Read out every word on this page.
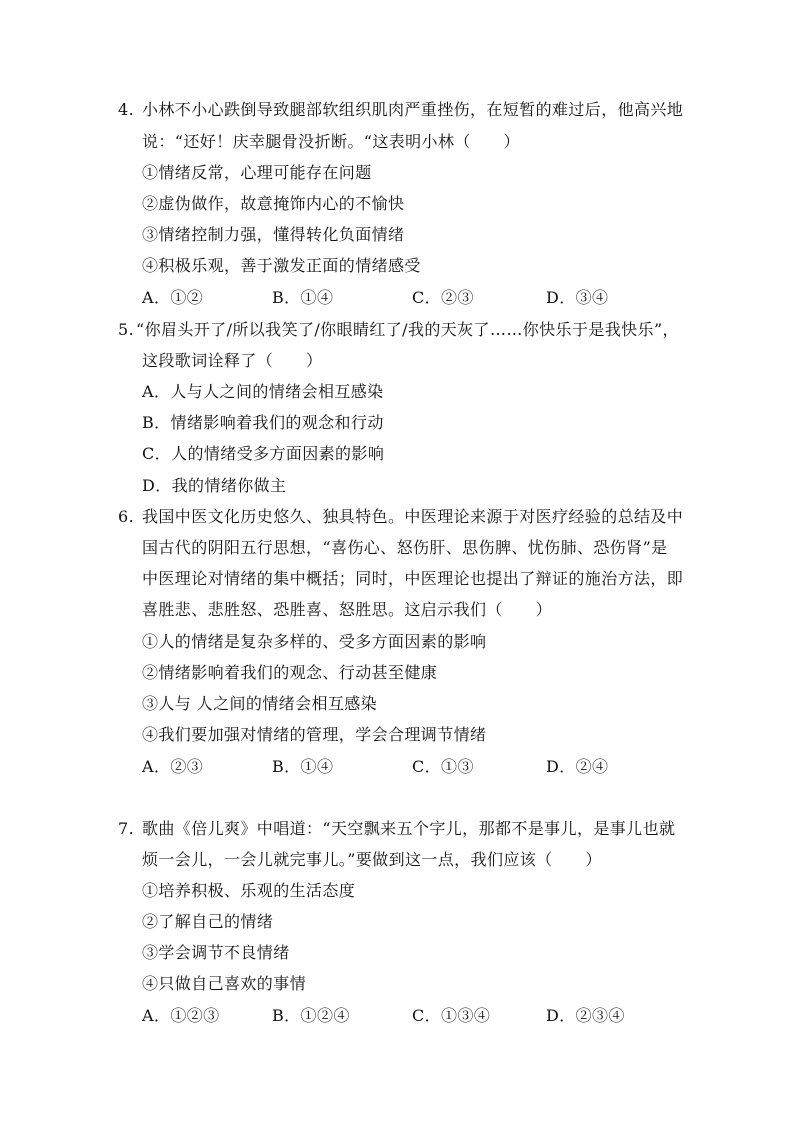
4. 小林不小心跌倒导致腿部软组织肌肉严重挫伤，在短暂的难过后，他高兴地
说：“还好！庆幸腿骨没折断。“这表明小林（　　）
①情绪反常，心理可能存在问题
②虚伪做作，故意掩饰内心的不愉快
③情绪控制力强，懂得转化负面情绪
④积极乐观，善于激发正面的情绪感受
A．①②	B．①④	C．②③	D．③④
5. “你眉头开了/所以我笑了/你眼睛红了/我的天灰了……你快乐于是我快乐”，
这段歌词诠释了（　　）
A．人与人之间的情绪会相互感染
B．情绪影响着我们的观念和行动
C．人的情绪受多方面因素的影响
D．我的情绪你做主
6. 我国中医文化历史悠久、独具特色。中医理论来源于对医疗经验的总结及中
国古代的阴阳五行思想，“喜伤心、怒伤肝、思伤脾、忧伤肺、恐伤肾”是
中医理论对情绪的集中概括；同时，中医理论也提出了辩证的施治方法，即
喜胜悲、悲胜怒、恐胜喜、怒胜思。这启示我们（　　）
①人的情绪是复杂多样的、受多方面因素的影响
②情绪影响着我们的观念、行动甚至健康
③人与 人之间的情绪会相互感染
④我们要加强对情绪的管理，学会合理调节情绪
A．②③	B．①④	C．①③	D．②④
7. 歌曲《倍儿爽》中唱道：“天空飘来五个字儿，那都不是事儿，是事儿也就
烦一会儿，一会儿就完事儿。”要做到这一点，我们应该（　　）
①培养积极、乐观的生活态度
②了解自己的情绪
③学会调节不良情绪
④只做自己喜欢的事情
A．①②③	B．①②④	C．①③④	D．②③④
